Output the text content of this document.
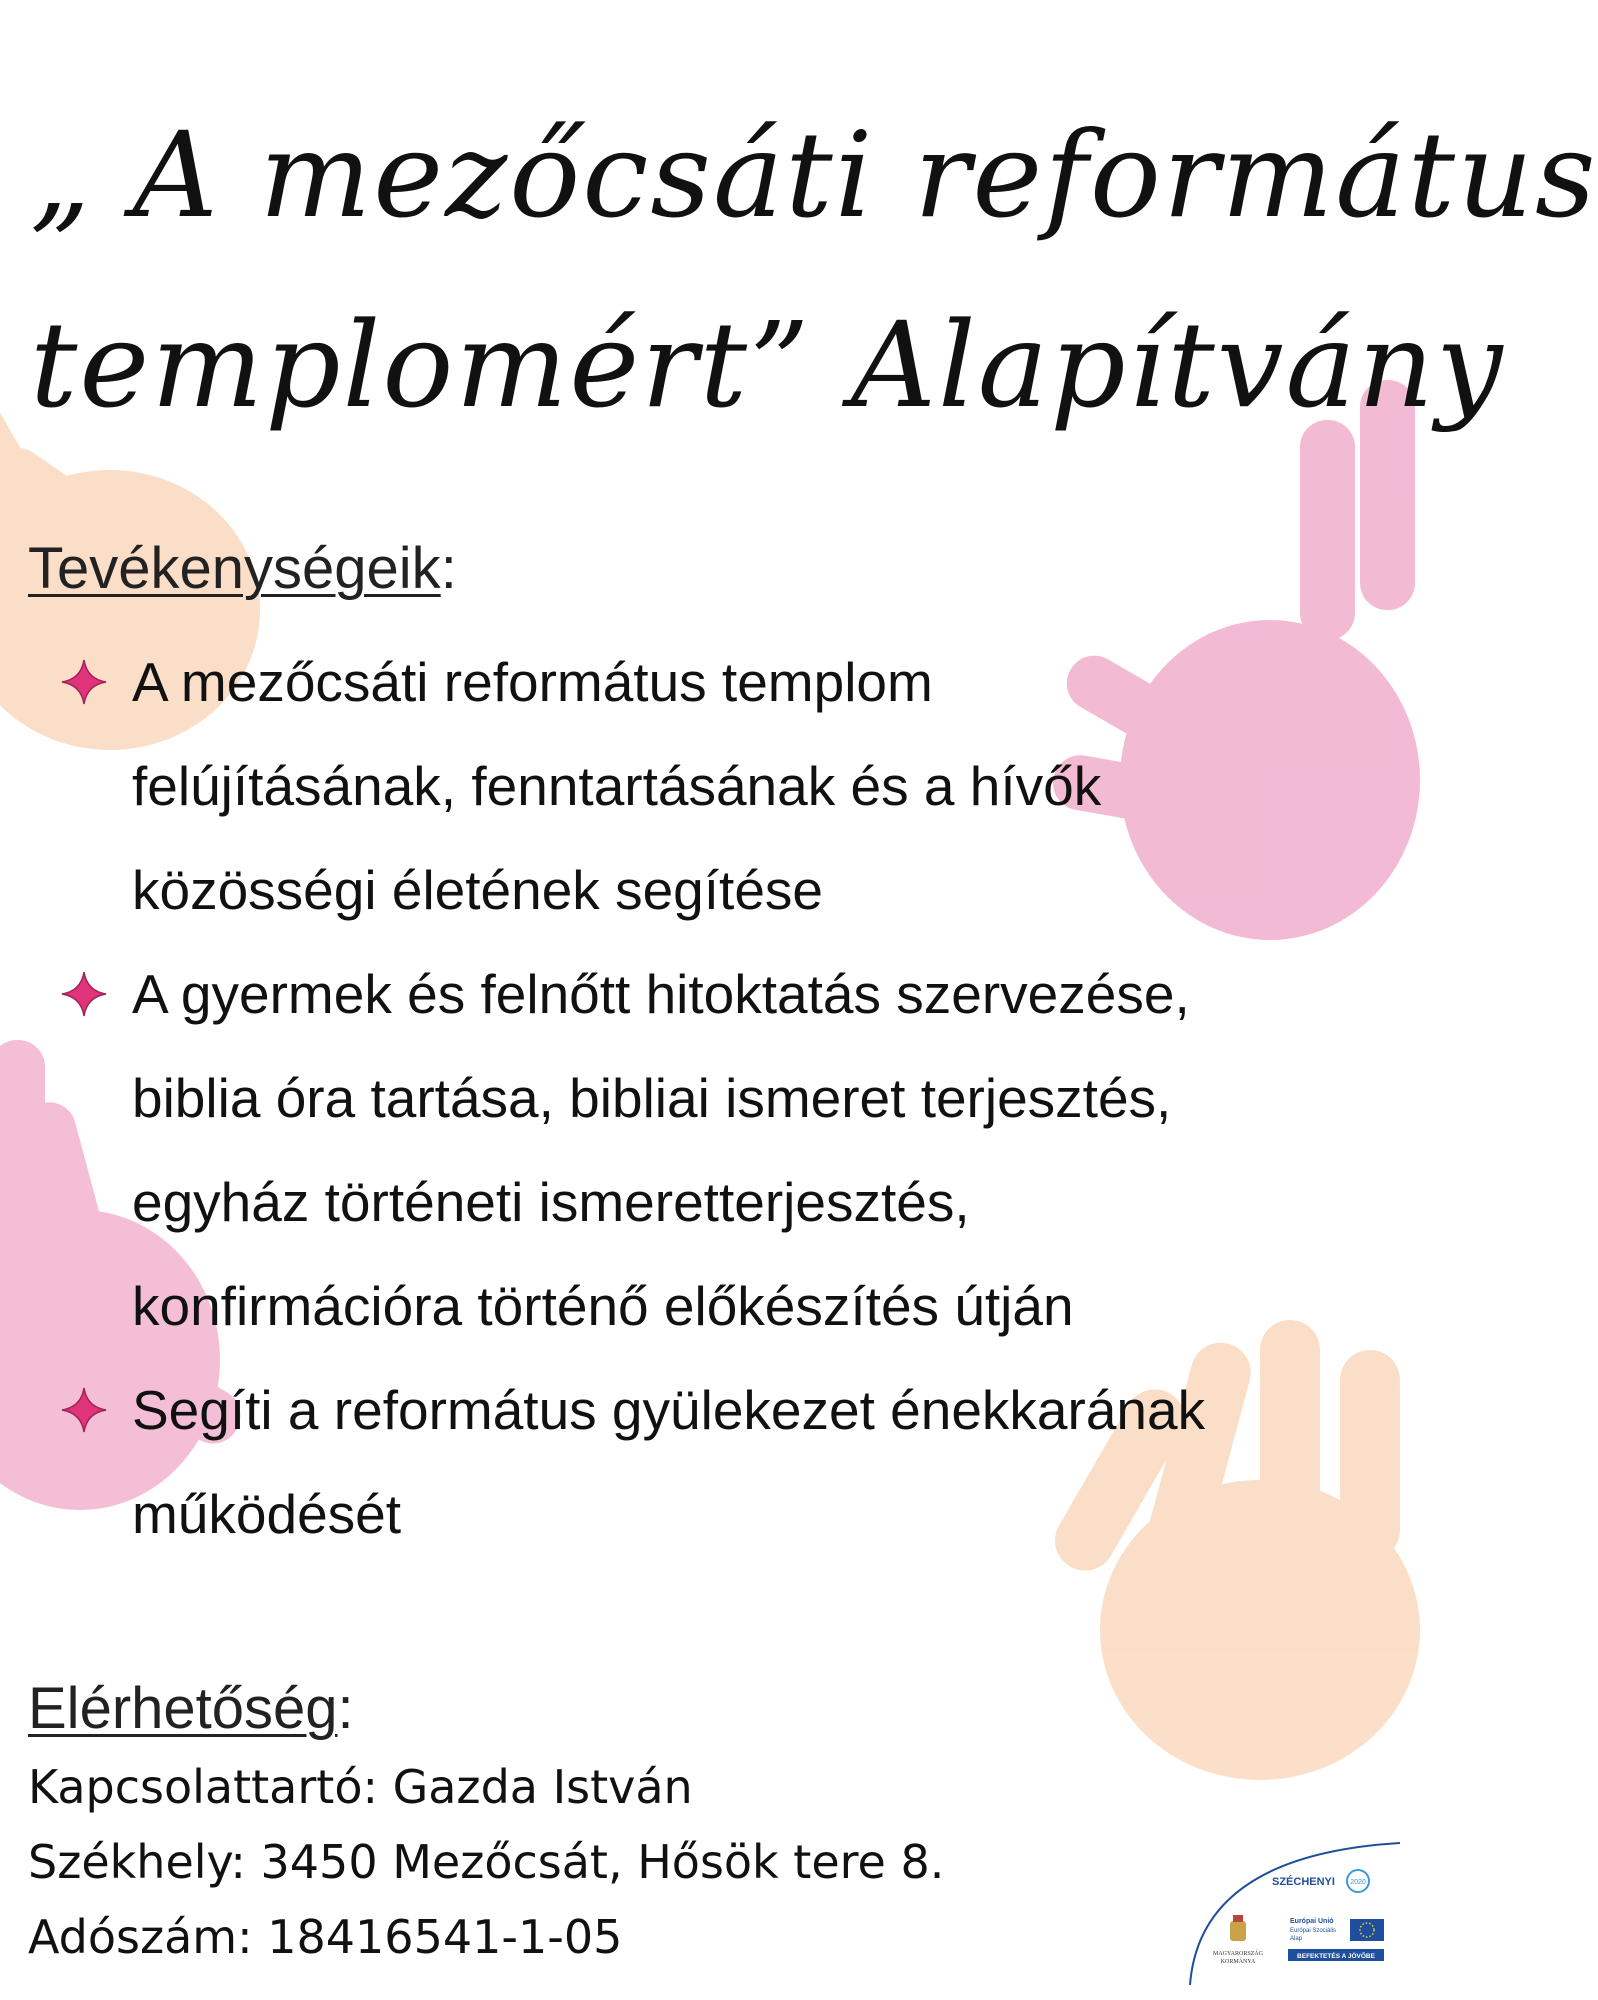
„ A mezőcsáti református
templomért” Alapítvány
Tevékenységeik:
A mezőcsáti református templom
felújításának, fenntartásának és a hívők
közösségi életének segítése
A gyermek és felnőtt hitoktatás szervezése,
biblia óra tartása, bibliai ismeret terjesztés,
egyház történeti ismeretterjesztés,
konfirmációra történő előkészítés útján
Segíti a református gyülekezet énekkarának
működését
Elérhetőség:
Kapcsolattartó: Gazda István
Székhely: 3450 Mezőcsát, Hősök tere 8.
Adószám: 18416541-1-05
SZÉCHENYI 2020
MAGYARORSZÁG
KORMÁNYA
Európai Unió
Európai Szociális
Alap
BEFEKTETÉS A JÖVŐBE
